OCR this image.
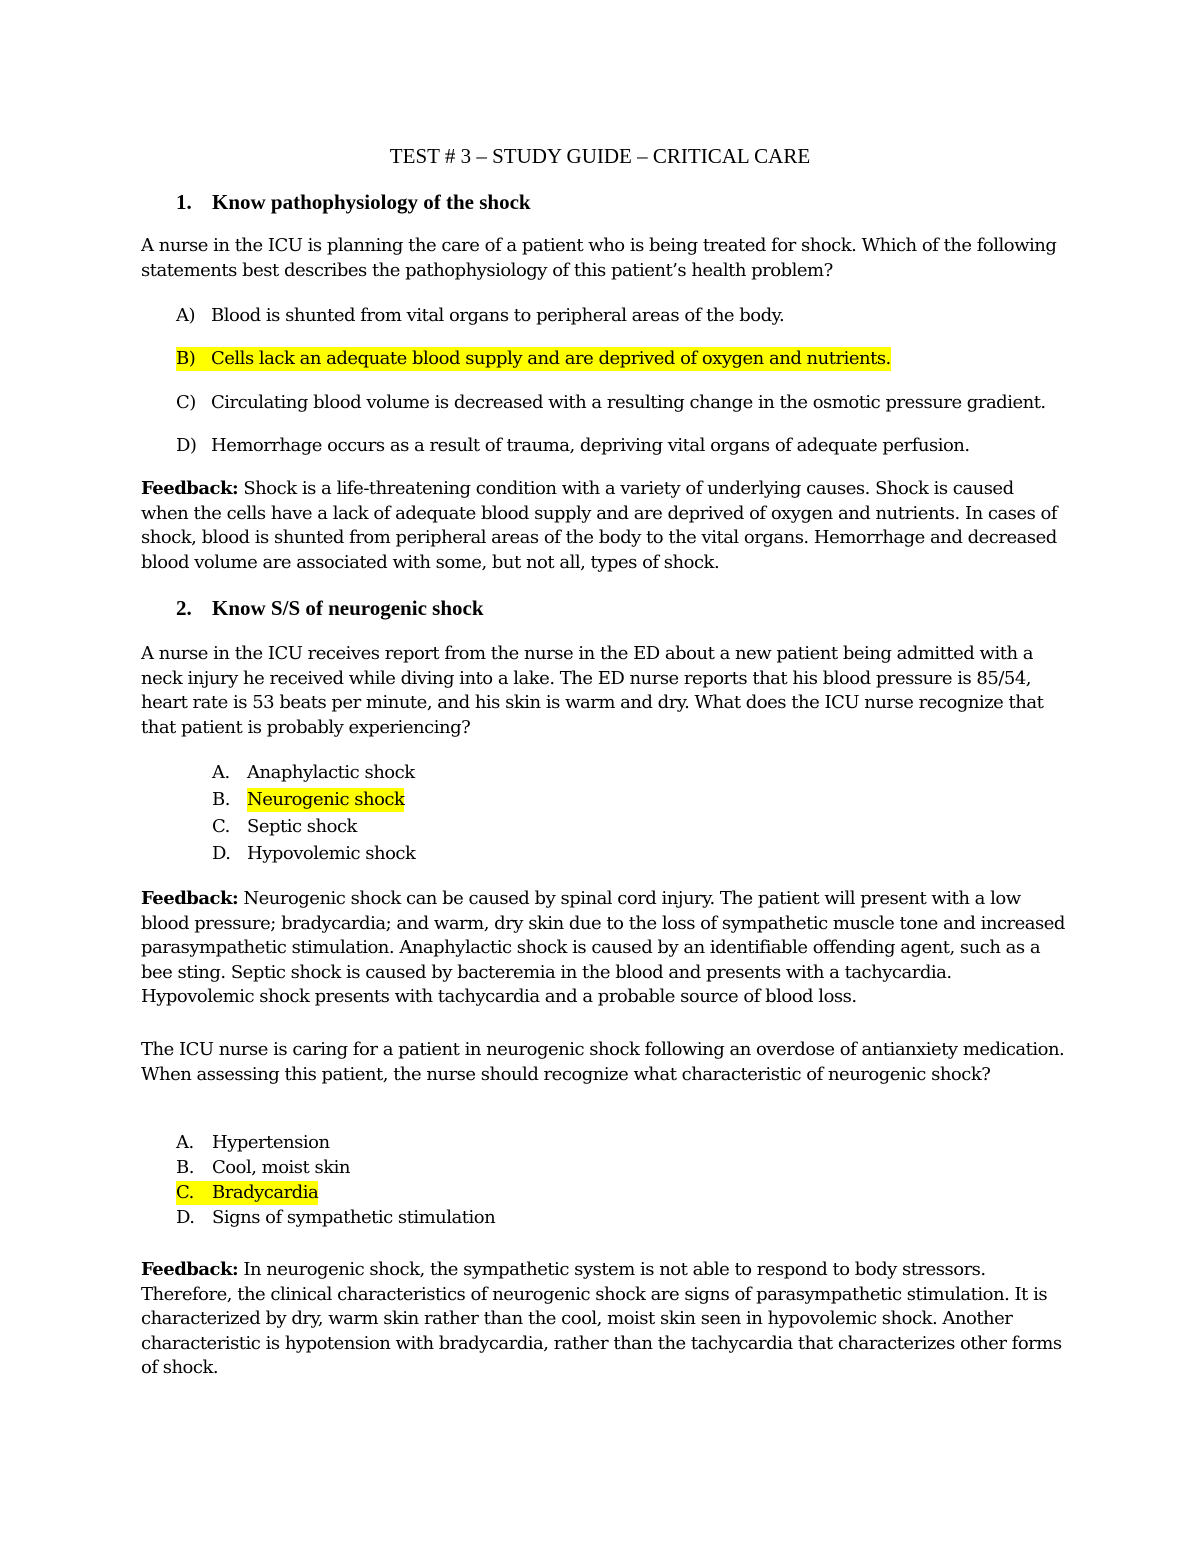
TEST # 3 – STUDY GUIDE – CRITICAL CARE
1. Know pathophysiology of the shock

A nurse in the ICU is planning the care of a patient who is being treated for shock. Which of the following statements best describes the pathophysiology of this patient’s health problem?

A) Blood is shunted from vital organs to peripheral areas of the body.
B) Cells lack an adequate blood supply and are deprived of oxygen and nutrients.
C) Circulating blood volume is decreased with a resulting change in the osmotic pressure gradient.
D) Hemorrhage occurs as a result of trauma, depriving vital organs of adequate perfusion.

Feedback: Shock is a life-threatening condition with a variety of underlying causes. Shock is caused when the cells have a lack of adequate blood supply and are deprived of oxygen and nutrients. In cases of shock, blood is shunted from peripheral areas of the body to the vital organs. Hemorrhage and decreased blood volume are associated with some, but not all, types of shock.

2. Know S/S of neurogenic shock

A nurse in the ICU receives report from the nurse in the ED about a new patient being admitted with a neck injury he received while diving into a lake. The ED nurse reports that his blood pressure is 85/54, heart rate is 53 beats per minute, and his skin is warm and dry. What does the ICU nurse recognize that that patient is probably experiencing?

A. Anaphylactic shock
B. Neurogenic shock
C. Septic shock
D. Hypovolemic shock

Feedback: Neurogenic shock can be caused by spinal cord injury. The patient will present with a low blood pressure; bradycardia; and warm, dry skin due to the loss of sympathetic muscle tone and increased parasympathetic stimulation. Anaphylactic shock is caused by an identifiable offending agent, such as a bee sting. Septic shock is caused by bacteremia in the blood and presents with a tachycardia. Hypovolemic shock presents with tachycardia and a probable source of blood loss.

The ICU nurse is caring for a patient in neurogenic shock following an overdose of antianxiety medication. When assessing this patient, the nurse should recognize what characteristic of neurogenic shock?

A. Hypertension
B. Cool, moist skin
C. Bradycardia
D. Signs of sympathetic stimulation

Feedback: In neurogenic shock, the sympathetic system is not able to respond to body stressors. Therefore, the clinical characteristics of neurogenic shock are signs of parasympathetic stimulation. It is characterized by dry, warm skin rather than the cool, moist skin seen in hypovolemic shock. Another characteristic is hypotension with bradycardia, rather than the tachycardia that characterizes other forms of shock.
